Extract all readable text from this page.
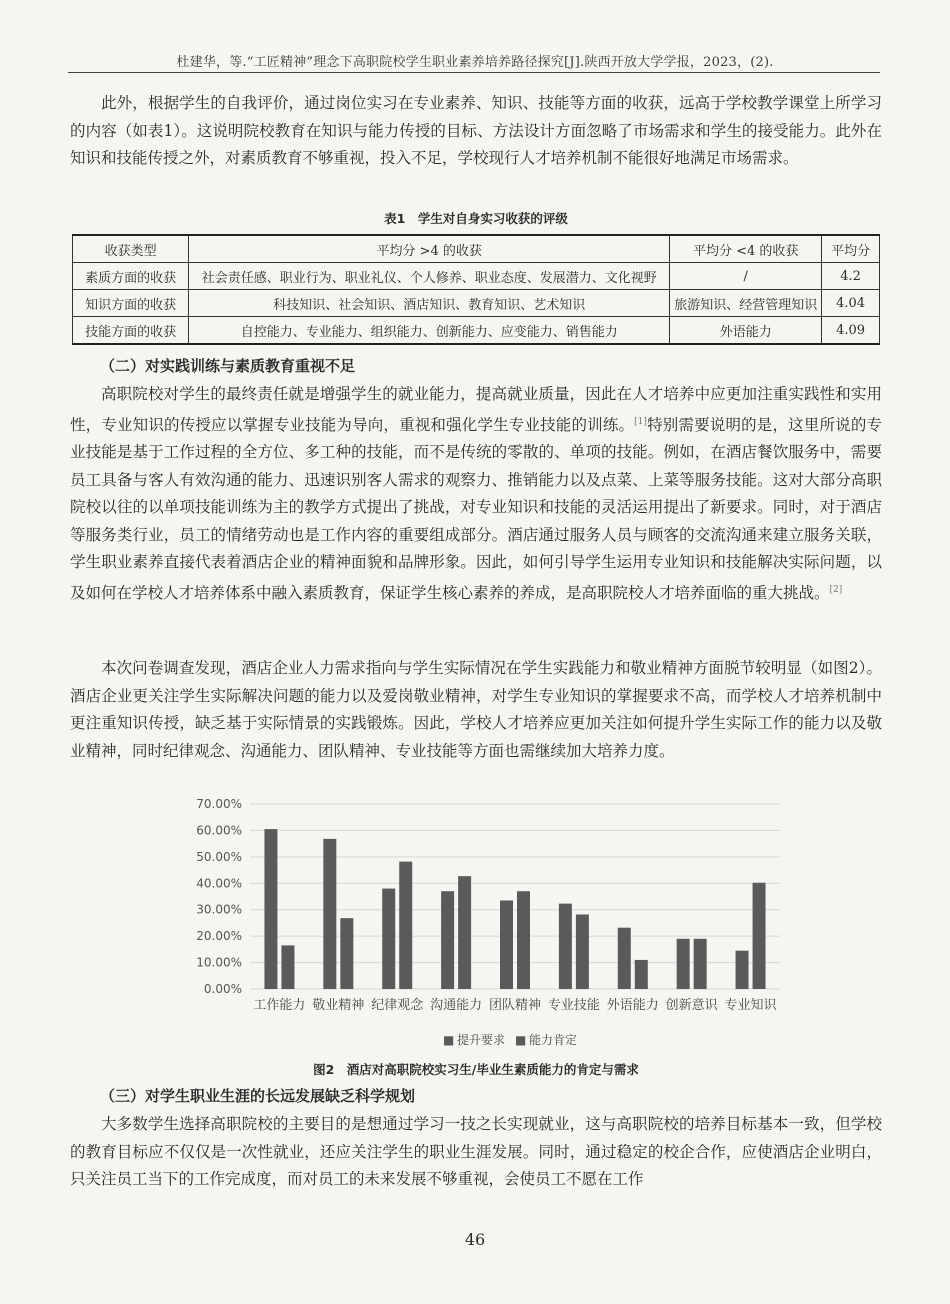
杜建华，等.“工匠精神”理念下高职院校学生职业素养培养路径探究[J].陕西开放大学学报，2023，(2).

此外，根据学生的自我评价，通过岗位实习在专业素养、知识、技能等方面的收获，远高于学校教学课堂上所学习的内容（如表1）。这说明院校教育在知识与能力传授的目标、方法设计方面忽略了市场需求和学生的接受能力。此外在知识和技能传授之外，对素质教育不够重视，投入不足，学校现行人才培养机制不能很好地满足市场需求。

表1　学生对自身实习收获的评级
收获类型	平均分 >4 的收获	平均分 <4 的收获	平均分
素质方面的收获	社会责任感、职业行为、职业礼仪、个人修养、职业态度、发展潜力、文化视野	/	4.2
知识方面的收获	科技知识、社会知识、酒店知识、教育知识、艺术知识	旅游知识、经营管理知识	4.04
技能方面的收获	自控能力、专业能力、组织能力、创新能力、应变能力、销售能力	外语能力	4.09
（二）对实践训练与素质教育重视不足

高职院校对学生的最终责任就是增强学生的就业能力，提高就业质量，因此在人才培养中应更加注重实践性和实用性，专业知识的传授应以掌握专业技能为导向，重视和强化学生专业技能的训练。[1]特别需要说明的是，这里所说的专业技能是基于工作过程的全方位、多工种的技能，而不是传统的零散的、单项的技能。例如，在酒店餐饮服务中，需要员工具备与客人有效沟通的能力、迅速识别客人需求的观察力、推销能力以及点菜、上菜等服务技能。这对大部分高职院校以往的以单项技能训练为主的教学方式提出了挑战，对专业知识和技能的灵活运用提出了新要求。同时，对于酒店等服务类行业，员工的情绪劳动也是工作内容的重要组成部分。酒店通过服务人员与顾客的交流沟通来建立服务关联，学生职业素养直接代表着酒店企业的精神面貌和品牌形象。因此，如何引导学生运用专业知识和技能解决实际问题，以及如何在学校人才培养体系中融入素质教育，保证学生核心素养的养成，是高职院校人才培养面临的重大挑战。[2]

本次问卷调查发现，酒店企业人力需求指向与学生实际情况在学生实践能力和敬业精神方面脱节较明显（如图2）。酒店企业更关注学生实际解决问题的能力以及爱岗敬业精神，对学生专业知识的掌握要求不高，而学校人才培养机制中更注重知识传授，缺乏基于实际情景的实践锻炼。因此，学校人才培养应更加关注如何提升学生实际工作的能力以及敬业精神，同时纪律观念、沟通能力、团队精神、专业技能等方面也需继续加大培养力度。

0.00%
10.00%
20.00%
30.00%
40.00%
50.00%
60.00%
70.00%
工作能力 敬业精神 纪律观念 沟通能力 团队精神 专业技能 外语能力 创新意识 专业知识
■ 提升要求 ■ 能力肯定
图2　酒店对高职院校实习生/毕业生素质能力的肯定与需求
（三）对学生职业生涯的长远发展缺乏科学规划

大多数学生选择高职院校的主要目的是想通过学习一技之长实现就业，这与高职院校的培养目标基本一致，但学校的教育目标应不仅仅是一次性就业，还应关注学生的职业生涯发展。同时，通过稳定的校企合作，应使酒店企业明白，只关注员工当下的工作完成度，而对员工的未来发展不够重视，会使员工不愿在工作

46
